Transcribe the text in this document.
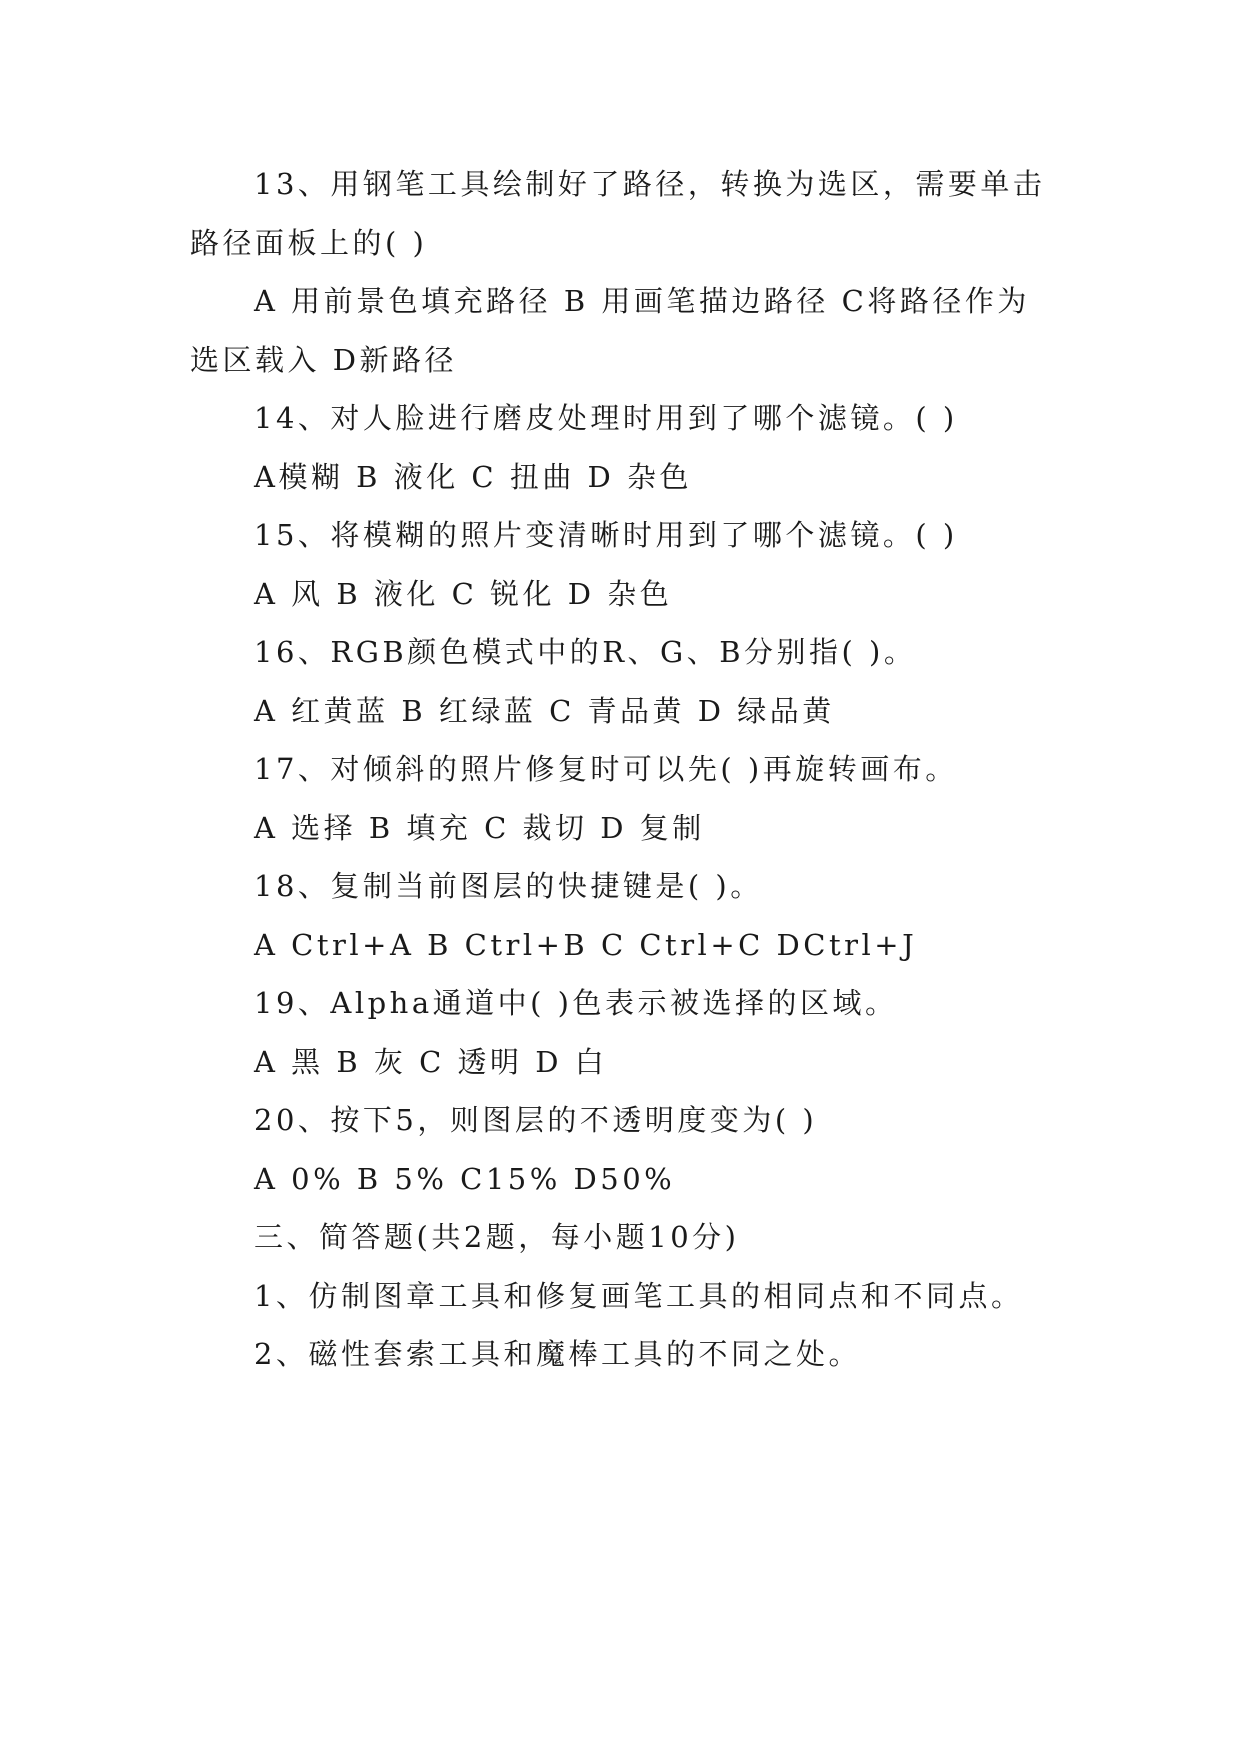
13、用钢笔工具绘制好了路径，转换为选区，需要单击

路径面板上的( )

A 用前景色填充路径 B 用画笔描边路径 C将路径作为

选区载入 D新路径

14、对人脸进行磨皮处理时用到了哪个滤镜。( )

A模糊 B 液化 C 扭曲 D 杂色

15、将模糊的照片变清晰时用到了哪个滤镜。( )

A 风 B 液化 C 锐化 D 杂色

16、RGB颜色模式中的R、G、B分别指( )。

A 红黄蓝 B 红绿蓝 C 青品黄 D 绿品黄

17、对倾斜的照片修复时可以先( )再旋转画布。

A 选择 B 填充 C 裁切 D 复制

18、复制当前图层的快捷键是( )。

A Ctrl+A B Ctrl+B C Ctrl+C DCtrl+J

19、Alpha通道中( )色表示被选择的区域。

A 黑 B 灰 C 透明 D 白

20、按下5，则图层的不透明度变为( )

A 0% B 5% C15% D50%

三、简答题(共2题，每小题10分)

1、仿制图章工具和修复画笔工具的相同点和不同点。

2、磁性套索工具和魔棒工具的不同之处。
